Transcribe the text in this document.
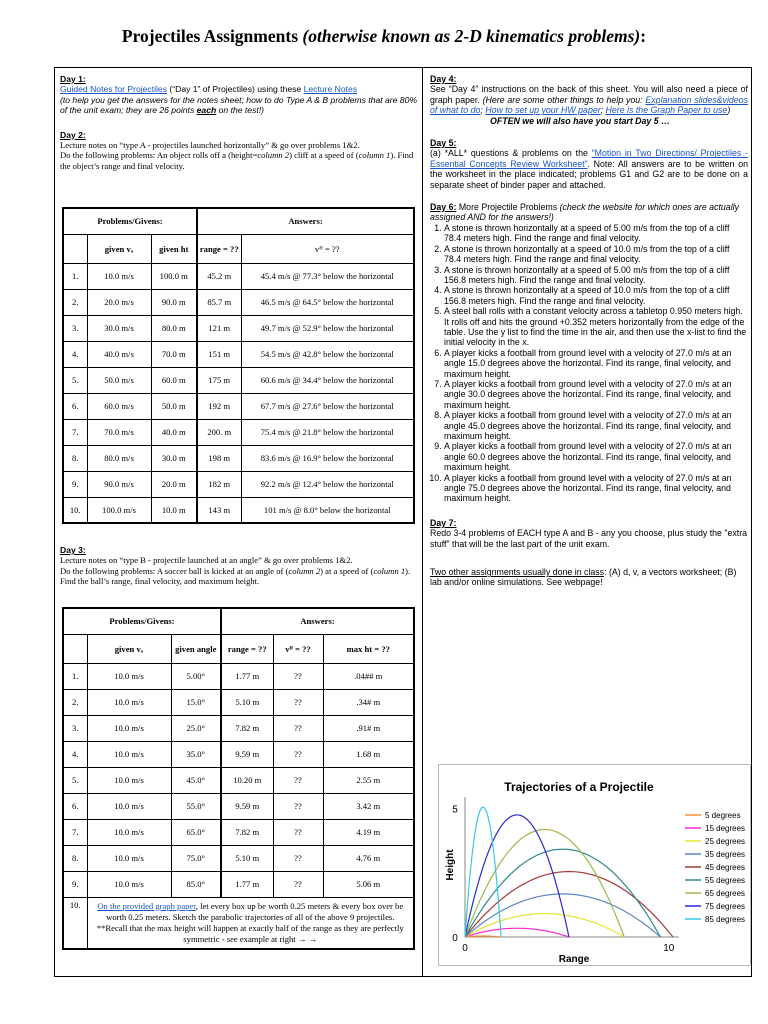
Projectiles Assignments (otherwise known as 2-D kinematics problems):

Day 1:

Guided Notes for Projectiles (“Day 1” of Projectiles) using these Lecture Notes

(to help you get the answers for the notes sheet; how to do Type A & B problems that are 80% of the unit exam; they are 26 points each on the test!)

Day 2:

Lecture notes on “type A - projectiles launched horizontally” & go over problems 1&2.

Do the following problems: An object rolls off a (height=column 2) cliff at a speed of (column 1). Find the object’s range and final velocity.

Problems/Givens:			Answers:	
	given vₒ	given ht	range = ??	vᶠᶠ = ??
1.	10.0 m/s	100.0 m	45.2 m	45.4 m/s @ 77.3° below the horizontal
2.	20.0 m/s	90.0 m	85.7 m	46.5 m/s @ 64.5° below the horizontal
3.	30.0 m/s	80.0 m	121 m	49.7 m/s @ 52.9° below the horizontal
4.	40.0 m/s	70.0 m	151 m	54.5 m/s @ 42.8° below the horizontal
5.	50.0 m/s	60.0 m	175 m	60.6 m/s @ 34.4° below the horizontal
6.	60.0 m/s	50.0 m	192 m	67.7 m/s @ 27.6° below the horizontal
7.	70.0 m/s	40.0 m	200. m	75.4 m/s @ 21.8° below the horizontal
8.	80.0 m/s	30.0 m	198 m	83.6 m/s @ 16.9° below the horizontal
9.	90.0 m/s	20.0 m	182 m	92.2 m/s @ 12.4° below the horizontal
10.	100.0 m/s	10.0 m	143 m	101 m/s @ 8.0° below the horizontal

Day 3:

Lecture notes on “type B - projectile launched at an angle” & go over problems 1&2.

Do the following problems: A soccer ball is kicked at an angle of (column 2) at a speed of (column 1). Find the ball’s range, final velocity, and maximum height.

Problems/Givens:			Answers:		
	given vₒ	given angle	range = ??	vᶠᶠ = ??	max ht = ??
1.	10.0 m/s	5.00°	1.77 m	??	.04## m
2.	10.0 m/s	15.0°	5.10 m	??	.34# m
3.	10.0 m/s	25.0°	7.82 m	??	.91# m
4.	10.0 m/s	35.0°	9.59 m	??	1.68 m
5.	10.0 m/s	45.0°	10.20 m	??	2.55 m
6.	10.0 m/s	55.0°	9.59 m	??	3.42 m
7.	10.0 m/s	65.0°	7.82 m	??	4.19 m
8.	10.0 m/s	75.0°	5.10 m	??	4.76 m
9.	10.0 m/s	85.0°	1.77 m	??	5.06 m
10.	On the provided graph paper, let every box up be worth 0.25 meters & every box over be worth 0.25 meters. Sketch the parabolic trajectories of all of the above 9 projectiles. **Recall that the max height will happen at exactly half of the range as they are perfectly symmetric - see example at right → →				

Day 4:

See “Day 4” instructions on the back of this sheet. You will also need a piece of graph paper. (Here are some other things to help you: Explanation slides&videos of what to do; How to set up your HW paper; Here is the Graph Paper to use)

OFTEN we will also have you start Day 5 …

Day 5:

(a) *ALL* questions & problems on the “Motion in Two Directions/ Projectiles - Essential Concepts Review Worksheet”. Note: All answers are to be written on the worksheet in the place indicated; problems G1 and G2 are to be done on a separate sheet of binder paper and attached.

Day 6: More Projectile Problems (check the website for which ones are actually assigned AND for the answers!)

1. A stone is thrown horizontally at a speed of 5.00 m/s from the top of a cliff 78.4 meters high. Find the range and final velocity.
2. A stone is thrown horizontally at a speed of 10.0 m/s from the top of a cliff 78.4 meters high. Find the range and final velocity.
3. A stone is thrown horizontally at a speed of 5.00 m/s from the top of a cliff 156.8 meters high. Find the range and final velocity.
4. A stone is thrown horizontally at a speed of 10.0 m/s from the top of a cliff 156.8 meters high. Find the range and final velocity.
5. A steel ball rolls with a constant velocity across a tabletop 0.950 meters high. It rolls off and hits the ground +0.352 meters horizontally from the edge of the table. Use the y list to find the time in the air, and then use the x-list to find the initial velocity in the x.
6. A player kicks a football from ground level with a velocity of 27.0 m/s at an angle 15.0 degrees above the horizontal. Find its range, final velocity, and maximum height.
7. A player kicks a football from ground level with a velocity of 27.0 m/s at an angle 30.0 degrees above the horizontal. Find its range, final velocity, and maximum height.
8. A player kicks a football from ground level with a velocity of 27.0 m/s at an angle 45.0 degrees above the horizontal. Find its range, final velocity, and maximum height.
9. A player kicks a football from ground level with a velocity of 27.0 m/s at an angle 60.0 degrees above the horizontal. Find its range, final velocity, and maximum height.
10. A player kicks a football from ground level with a velocity of 27.0 m/s at an angle 75.0 degrees above the horizontal. Find its range, final velocity, and maximum height.

Day 7:

Redo 3-4 problems of EACH type A and B - any you choose, plus study the "extra stuff" that will be the last part of the unit exam.

Two other assignments usually done in class: (A) d, v, a vectors worksheet; (B) lab and/or online simulations. See webpage!

Trajectories of a Projectile
Height
Range
0
5
0	10
5 degrees
15 degrees
25 degrees
35 degrees
45 degrees
55 degrees
65 degrees
75 degrees
85 degrees
